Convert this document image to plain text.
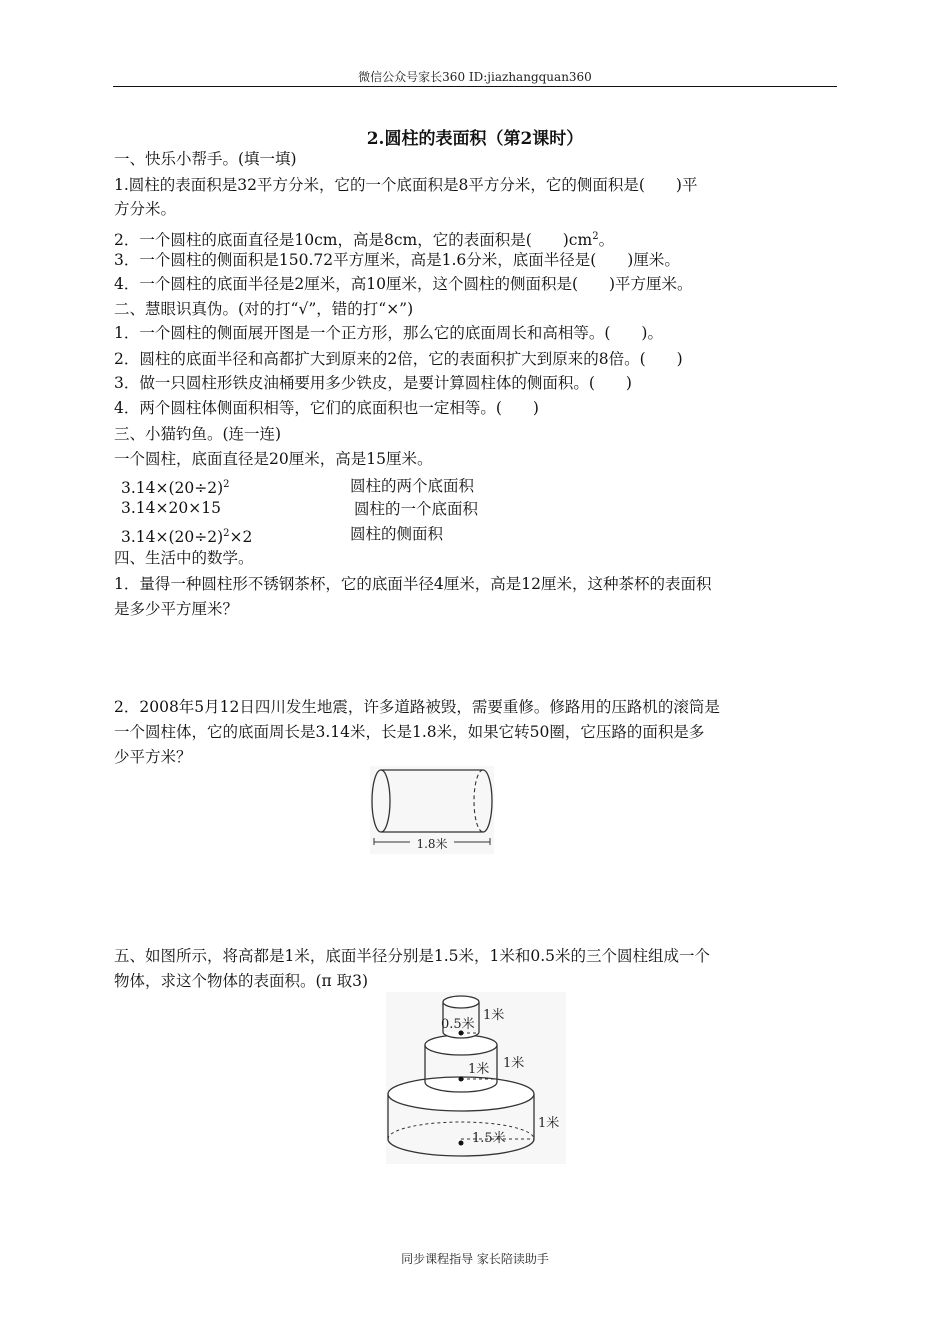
微信公众号家长360 ID:jiazhangquan360
2.圆柱的表面积（第2课时）
一、快乐小帮手。(填一填)
1.圆柱的表面积是32平方分米，它的一个底面积是8平方分米，它的侧面积是(　　)平
方分米。
2．一个圆柱的底面直径是10cm，高是8cm，它的表面积是(　　)$cm^2$。
3．一个圆柱的侧面积是150.72平方厘米，高是1.6分米，底面半径是(　　)厘米。
4．一个圆柱的底面半径是2厘米，高10厘米，这个圆柱的侧面积是(　　)平方厘米。
二、慧眼识真伪。(对的打“√”，错的打“×”)
1．一个圆柱的侧面展开图是一个正方形，那么它的底面周长和高相等。(　　)。
2．圆柱的底面半径和高都扩大到原来的2倍，它的表面积扩大到原来的8倍。(　　)
3．做一只圆柱形铁皮油桶要用多少铁皮，是要计算圆柱体的侧面积。(　　)
4．两个圆柱体侧面积相等，它们的底面积也一定相等。(　　)
三、小猫钓鱼。(连一连)
一个圆柱，底面直径是20厘米，高是15厘米。
$3.14\times(20\div 2)^2$
3.14×20×15
$3.14\times(20\div 2)^2\times 2$
圆柱的两个底面积
圆柱的一个底面积
圆柱的侧面积
四、生活中的数学。
1．量得一种圆柱形不锈钢茶杯，它的底面半径4厘米，高是12厘米，这种茶杯的表面积
是多少平方厘米？
2．2008年5月12日四川发生地震，许多道路被毁，需要重修。修路用的压路机的滚筒是
一个圆柱体，它的底面周长是3.14米，长是1.8米，如果它转50圈，它压路的面积是多
少平方米？
1.8米
五、如图所示，将高都是1米，底面半径分别是1.5米，1米和0.5米的三个圆柱组成一个
物体，求这个物体的表面积。(π 取3)
0.5米
1米
1.5米
1米
1米
1米
同步课程指导 家长陪读助手
